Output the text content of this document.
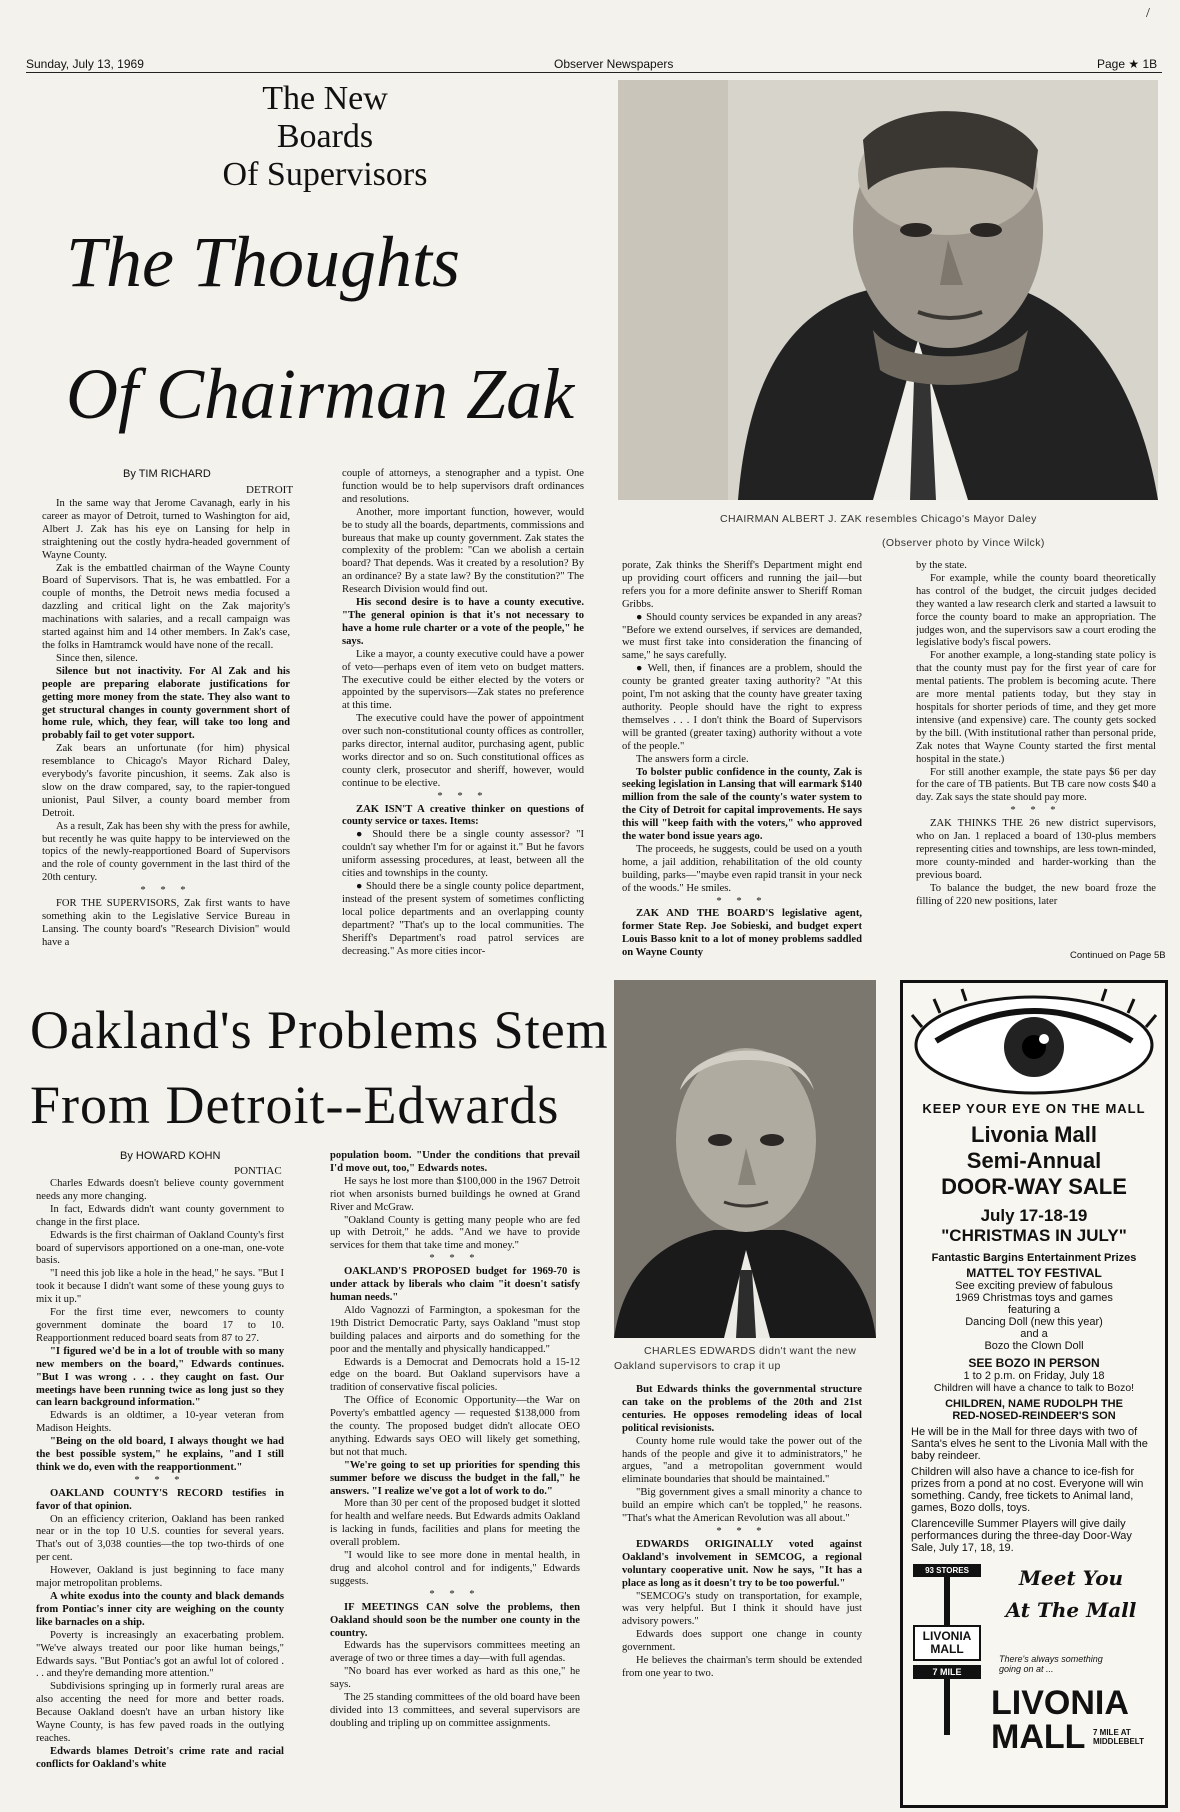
Sunday, July 13, 1969	Observer Newspapers	Page ★ 1B
/
The New Boards
Of Supervisors
The Thoughts
Of Chairman Zak
CHAIRMAN ALBERT J. ZAK resembles Chicago's Mayor Daley
(Observer photo by Vince Wilck)
By TIM RICHARD
DETROIT

In the same way that Jerome Cavanagh, early in his career as mayor of Detroit, turned to Washington for aid, Albert J. Zak has his eye on Lansing for help in straightening out the costly hydra-headed government of Wayne County.

Zak is the embattled chairman of the Wayne County Board of Supervisors. That is, he was embattled. For a couple of months, the Detroit news media focused a dazzling and critical light on the Zak majority's machinations with salaries, and a recall campaign was started against him and 14 other members. In Zak's case, the folks in Hamtramck would have none of the recall.

Since then, silence.

Silence but not inactivity. For Al Zak and his people are preparing elaborate justifications for getting more money from the state. They also want to get structural changes in county government short of home rule, which, they fear, will take too long and probably fail to get voter support.

Zak bears an unfortunate (for him) physical resemblance to Chicago's Mayor Richard Daley, everybody's favorite pincushion, it seems. Zak also is slow on the draw compared, say, to the rapier-tongued unionist, Paul Silver, a county board member from Detroit.

As a result, Zak has been shy with the press for awhile, but recently he was quite happy to be interviewed on the topics of the newly-reapportioned Board of Supervisors and the role of county government in the last third of the 20th century.

* * *

FOR THE SUPERVISORS, Zak first wants to have something akin to the Legislative Service Bureau in Lansing. The county board's "Research Division" would have a

couple of attorneys, a stenographer and a typist. One function would be to help supervisors draft ordinances and resolutions.

Another, more important function, however, would be to study all the boards, departments, commissions and bureaus that make up county government. Zak states the complexity of the problem: "Can we abolish a certain board? That depends. Was it created by a resolution? By an ordinance? By a state law? By the constitution?" The Research Division would find out.

His second desire is to have a county executive. "The general opinion is that it's not necessary to have a home rule charter or a vote of the people," he says.

Like a mayor, a county executive could have a power of veto—perhaps even of item veto on budget matters. The executive could be either elected by the voters or appointed by the supervisors—Zak states no preference at this time.

The executive could have the power of appointment over such non-constitutional county offices as controller, parks director, internal auditor, purchasing agent, public works director and so on. Such constitutional offices as county clerk, prosecutor and sheriff, however, would continue to be elective.

* * *

ZAK ISN'T A creative thinker on questions of county service or taxes. Items:

● Should there be a single county assessor? "I couldn't say whether I'm for or against it." But he favors uniform assessing procedures, at least, between all the cities and townships in the county.

● Should there be a single county police department, instead of the present system of sometimes conflicting local police departments and an overlapping county department? "That's up to the local communities. The Sheriff's Department's road patrol services are decreasing." As more cities incor-

porate, Zak thinks the Sheriff's Department might end up providing court officers and running the jail—but refers you for a more definite answer to Sheriff Roman Gribbs.

● Should county services be expanded in any areas? "Before we extend ourselves, if services are demanded, we must first take into consideration the financing of same," he says carefully.

● Well, then, if finances are a problem, should the county be granted greater taxing authority? "At this point, I'm not asking that the county have greater taxing authority. People should have the right to express themselves . . . I don't think the Board of Supervisors will be granted (greater taxing) authority without a vote of the people."

The answers form a circle.

To bolster public confidence in the county, Zak is seeking legislation in Lansing that will earmark $140 million from the sale of the county's water system to the City of Detroit for capital improvements. He says this will "keep faith with the voters," who approved the water bond issue years ago.

The proceeds, he suggests, could be used on a youth home, a jail addition, rehabilitation of the old county building, parks—"maybe even rapid transit in your neck of the woods." He smiles.

* * *

ZAK AND THE BOARD'S legislative agent, former State Rep. Joe Sobieski, and budget expert Louis Basso knit to a lot of money problems saddled on Wayne County

by the state.

For example, while the county board theoretically has control of the budget, the circuit judges decided they wanted a law research clerk and started a lawsuit to force the county board to make an appropriation. The judges won, and the supervisors saw a court eroding the legislative body's fiscal powers.

For another example, a long-standing state policy is that the county must pay for the first year of care for mental patients. The problem is becoming acute. There are more mental patients today, but they stay in hospitals for shorter periods of time, and they get more intensive (and expensive) care. The county gets socked by the bill. (With institutional rather than personal pride, Zak notes that Wayne County started the first mental hospital in the state.)

For still another example, the state pays $6 per day for the care of TB patients. But TB care now costs $40 a day. Zak says the state should pay more.

* * *

ZAK THINKS THE 26 new district supervisors, who on Jan. 1 replaced a board of 130-plus members representing cities and townships, are less town-minded, more county-minded and harder-working than the previous board.

To balance the budget, the new board froze the filling of 220 new positions, later

Continued on Page 5B
Oakland's Problems Stem
From Detroit--Edwards
CHARLES EDWARDS didn't want the new
Oakland supervisors to crap it up
By HOWARD KOHN
PONTIAC

Charles Edwards doesn't believe county government needs any more changing.

In fact, Edwards didn't want county government to change in the first place.

Edwards is the first chairman of Oakland County's first board of supervisors apportioned on a one-man, one-vote basis.

"I need this job like a hole in the head," he says. "But I took it because I didn't want some of these young guys to mix it up."

For the first time ever, newcomers to county government dominate the board 17 to 10. Reapportionment reduced board seats from 87 to 27.

"I figured we'd be in a lot of trouble with so many new members on the board," Edwards continues. "But I was wrong . . . they caught on fast. Our meetings have been running twice as long just so they can learn background information."

Edwards is an oldtimer, a 10-year veteran from Madison Heights.

"Being on the old board, I always thought we had the best possible system," he explains, "and I still think we do, even with the reapportionment."

* * *

OAKLAND COUNTY'S RECORD testifies in favor of that opinion.

On an efficiency criterion, Oakland has been ranked near or in the top 10 U.S. counties for several years. That's out of 3,038 counties—the top two-thirds of one per cent.

However, Oakland is just beginning to face many major metropolitan problems.

A white exodus into the county and black demands from Pontiac's inner city are weighing on the county like barnacles on a ship.

Poverty is increasingly an exacerbating problem. "We've always treated our poor like human beings," Edwards says. "But Pontiac's got an awful lot of colored . . . and they're demanding more attention."

Subdivisions springing up in formerly rural areas are also accenting the need for more and better roads. Because Oakland doesn't have an urban history like Wayne County, is has few paved roads in the outlying reaches.

Edwards blames Detroit's crime rate and racial conflicts for Oakland's white

population boom. "Under the conditions that prevail I'd move out, too," Edwards notes.

He says he lost more than $100,000 in the 1967 Detroit riot when arsonists burned buildings he owned at Grand River and McGraw.

"Oakland County is getting many people who are fed up with Detroit," he adds. "And we have to provide services for them that take time and money."

* * *

OAKLAND'S PROPOSED budget for 1969-70 is under attack by liberals who claim "it doesn't satisfy human needs."

Aldo Vagnozzi of Farmington, a spokesman for the 19th District Democratic Party, says Oakland "must stop building palaces and airports and do something for the poor and the mentally and physically handicapped."

Edwards is a Democrat and Democrats hold a 15-12 edge on the board. But Oakland supervisors have a tradition of conservative fiscal policies.

The Office of Economic Opportunity—the War on Poverty's embattled agency — requested $138,000 from the county. The proposed budget didn't allocate OEO anything. Edwards says OEO will likely get something, but not that much.

"We're going to set up priorities for spending this summer before we discuss the budget in the fall," he answers. "I realize we've got a lot of work to do."

More than 30 per cent of the proposed budget it slotted for health and welfare needs. But Edwards admits Oakland is lacking in funds, facilities and plans for meeting the overall problem.

"I would like to see more done in mental health, in drug and alcohol control and for indigents," Edwards suggests.

* * *

IF MEETINGS CAN solve the problems, then Oakland should soon be the number one county in the country.

Edwards has the supervisors committees meeting an average of two or three times a day—with full agendas.

"No board has ever worked as hard as this one," he says.

The 25 standing committees of the old board have been divided into 13 committees, and several supervisors are doubling and tripling up on committee assignments.

But Edwards thinks the governmental structure can take on the problems of the 20th and 21st centuries. He opposes remodeling ideas of local political revisionists.

County home rule would take the power out of the hands of the people and give it to administrators," he argues, "and a metropolitan government would eliminate boundaries that should be maintained."

"Big government gives a small minority a chance to build an empire which can't be toppled," he reasons. "That's what the American Revolution was all about."

* * *

EDWARDS ORIGINALLY voted against Oakland's involvement in SEMCOG, a regional voluntary cooperative unit. Now he says, "It has a place as long as it doesn't try to be too powerful."

"SEMCOG's study on transportation, for example, was very helpful. But I think it should have just advisory powers."

Edwards does support one change in county government.

He believes the chairman's term should be extended from one year to two.

KEEP YOUR EYE ON THE MALL
Livonia Mall
Semi-Annual
DOOR-WAY SALE
July 17-18-19
"CHRISTMAS IN JULY"
Fantastic Bargins Entertainment Prizes
MATTEL TOY FESTIVAL
See exciting preview of fabulous
1969 Christmas toys and games
featuring a
Dancing Doll (new this year)
and a
Bozo the Clown Doll
SEE BOZO IN PERSON
1 to 2 p.m. on Friday, July 18
Children will have a chance to talk to Bozo!
CHILDREN, NAME RUDOLPH THE
RED-NOSED-REINDEER'S SON
He will be in the Mall for three days with two of Santa's elves he sent to the Livonia Mall with the baby reindeer.
Children will also have a chance to ice-fish for prizes from a pond at no cost. Everyone will win something. Candy, free tickets to Animal land, games, Bozo dolls, toys.
Clarenceville Summer Players will give daily performances during the three-day Door-Way Sale, July 17, 18, 19.
93 STORES
LIVONIA MALL
7 MILE
Meet You
At The Mall
There's always something going on at ...
LIVONIA
MALL 7 MILE AT MIDDLEBELT
